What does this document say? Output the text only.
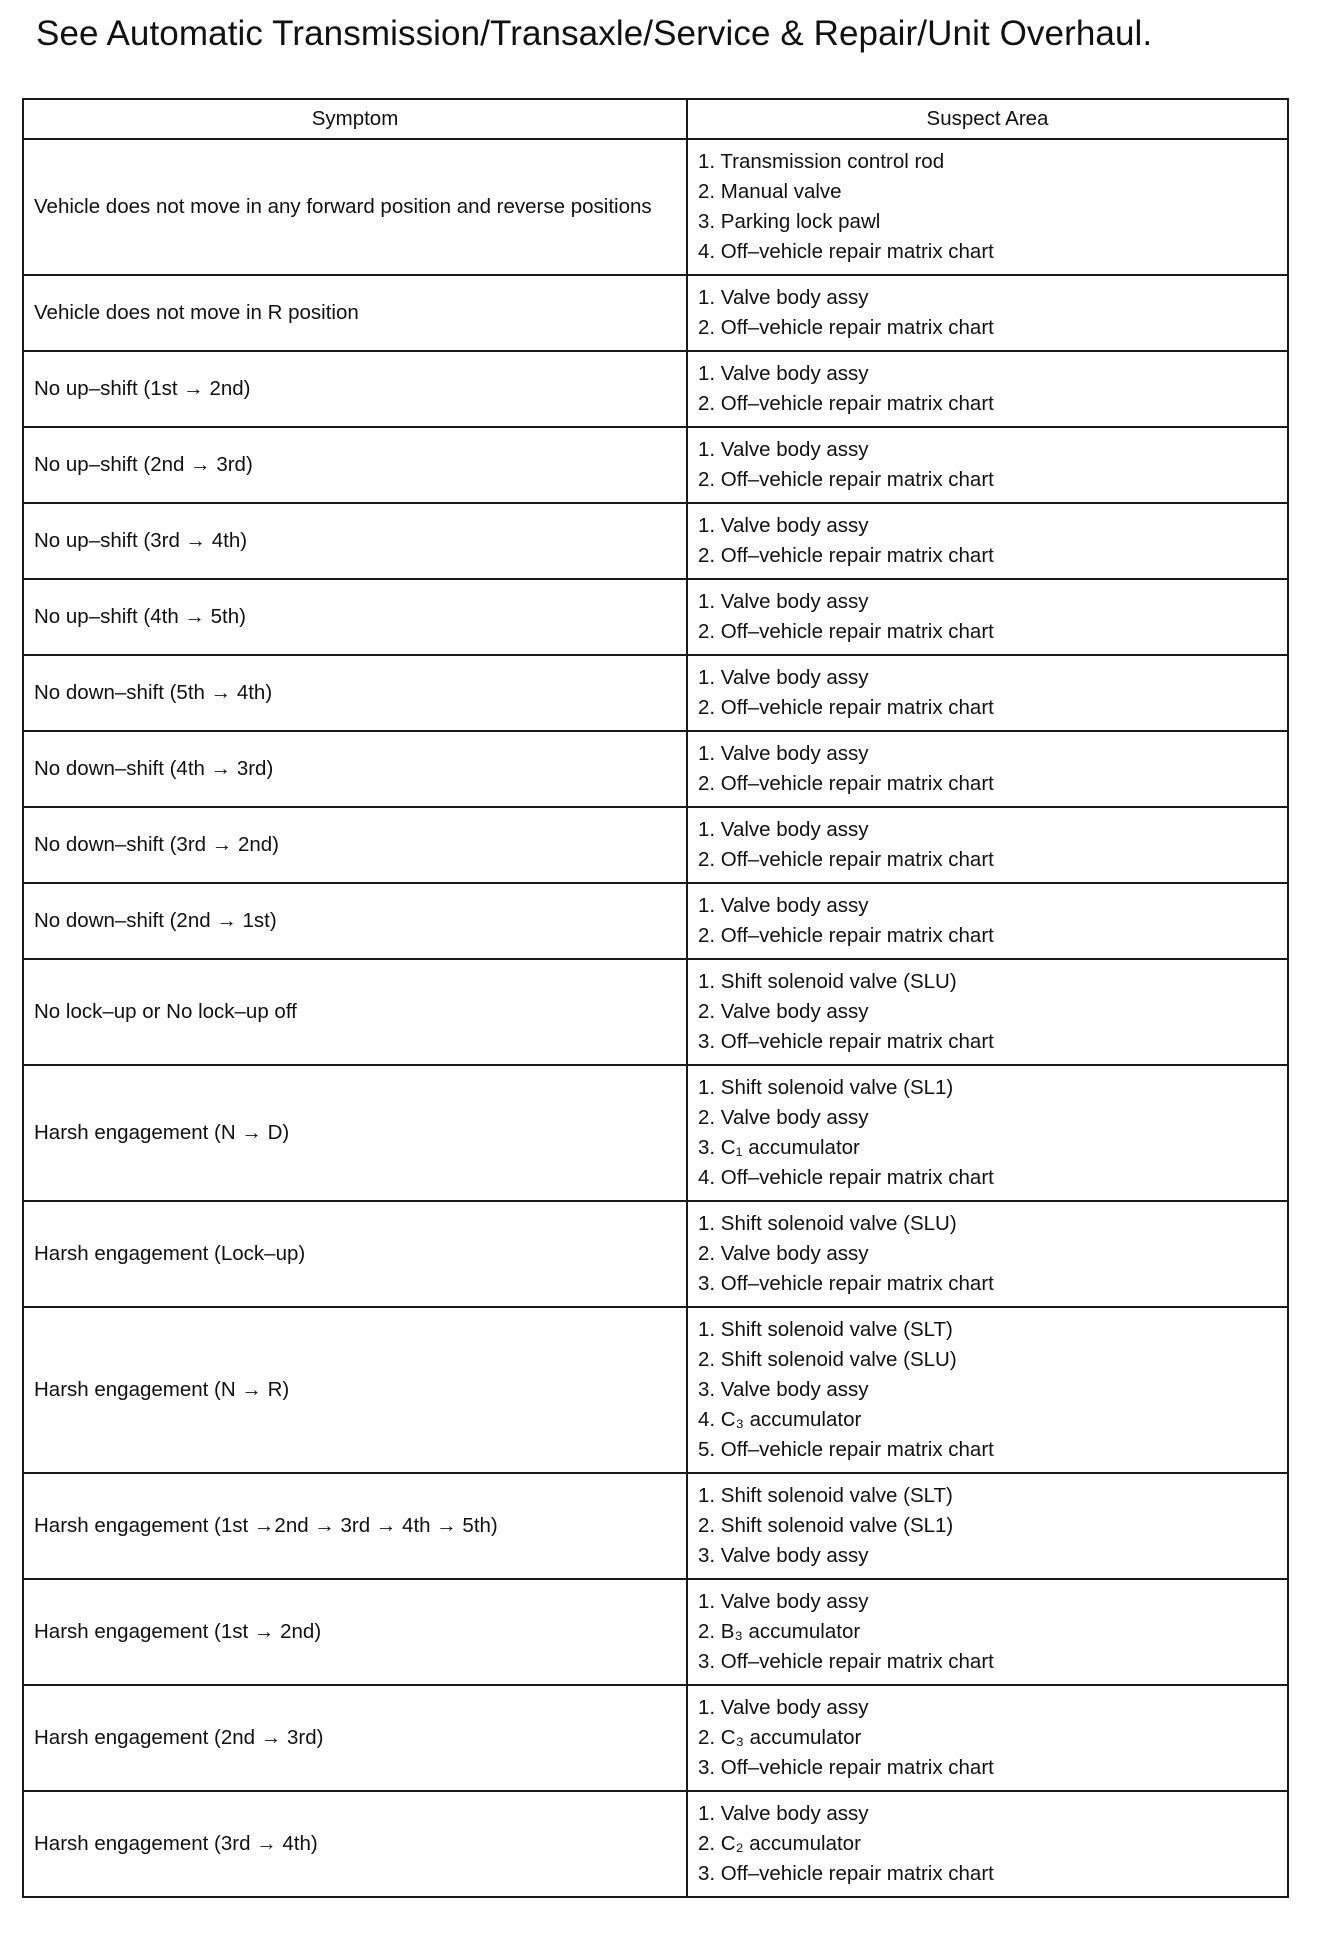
See Automatic Transmission/Transaxle/Service & Repair/Unit Overhaul.
Symptom	Suspect Area
Vehicle does not move in any forward position and reverse positions	1. Transmission control rod
2. Manual valve
3. Parking lock pawl
4. Off–vehicle repair matrix chart

Vehicle does not move in R position	1. Valve body assy
2. Off–vehicle repair matrix chart

No up–shift (1st → 2nd)	1. Valve body assy
2. Off–vehicle repair matrix chart

No up–shift (2nd → 3rd)	1. Valve body assy
2. Off–vehicle repair matrix chart

No up–shift (3rd → 4th)	1. Valve body assy
2. Off–vehicle repair matrix chart

No up–shift (4th → 5th)	1. Valve body assy
2. Off–vehicle repair matrix chart

No down–shift (5th → 4th)	1. Valve body assy
2. Off–vehicle repair matrix chart

No down–shift (4th → 3rd)	1. Valve body assy
2. Off–vehicle repair matrix chart

No down–shift (3rd → 2nd)	1. Valve body assy
2. Off–vehicle repair matrix chart

No down–shift (2nd → 1st)	1. Valve body assy
2. Off–vehicle repair matrix chart

No lock–up or No lock–up off	1. Shift solenoid valve (SLU)
2. Valve body assy
3. Off–vehicle repair matrix chart

Harsh engagement (N → D)	1. Shift solenoid valve (SL1)
2. Valve body assy
3. C₁ accumulator
4. Off–vehicle repair matrix chart

Harsh engagement (Lock–up)	1. Shift solenoid valve (SLU)
2. Valve body assy
3. Off–vehicle repair matrix chart

Harsh engagement (N → R)	1. Shift solenoid valve (SLT)
2. Shift solenoid valve (SLU)
3. Valve body assy
4. C₃ accumulator
5. Off–vehicle repair matrix chart

Harsh engagement (1st →2nd → 3rd → 4th → 5th)	1. Shift solenoid valve (SLT)
2. Shift solenoid valve (SL1)
3. Valve body assy

Harsh engagement (1st → 2nd)	1. Valve body assy
2. B₃ accumulator
3. Off–vehicle repair matrix chart

Harsh engagement (2nd → 3rd)	1. Valve body assy
2. C₃ accumulator
3. Off–vehicle repair matrix chart

Harsh engagement (3rd → 4th)	1. Valve body assy
2. C₂ accumulator
3. Off–vehicle repair matrix chart
